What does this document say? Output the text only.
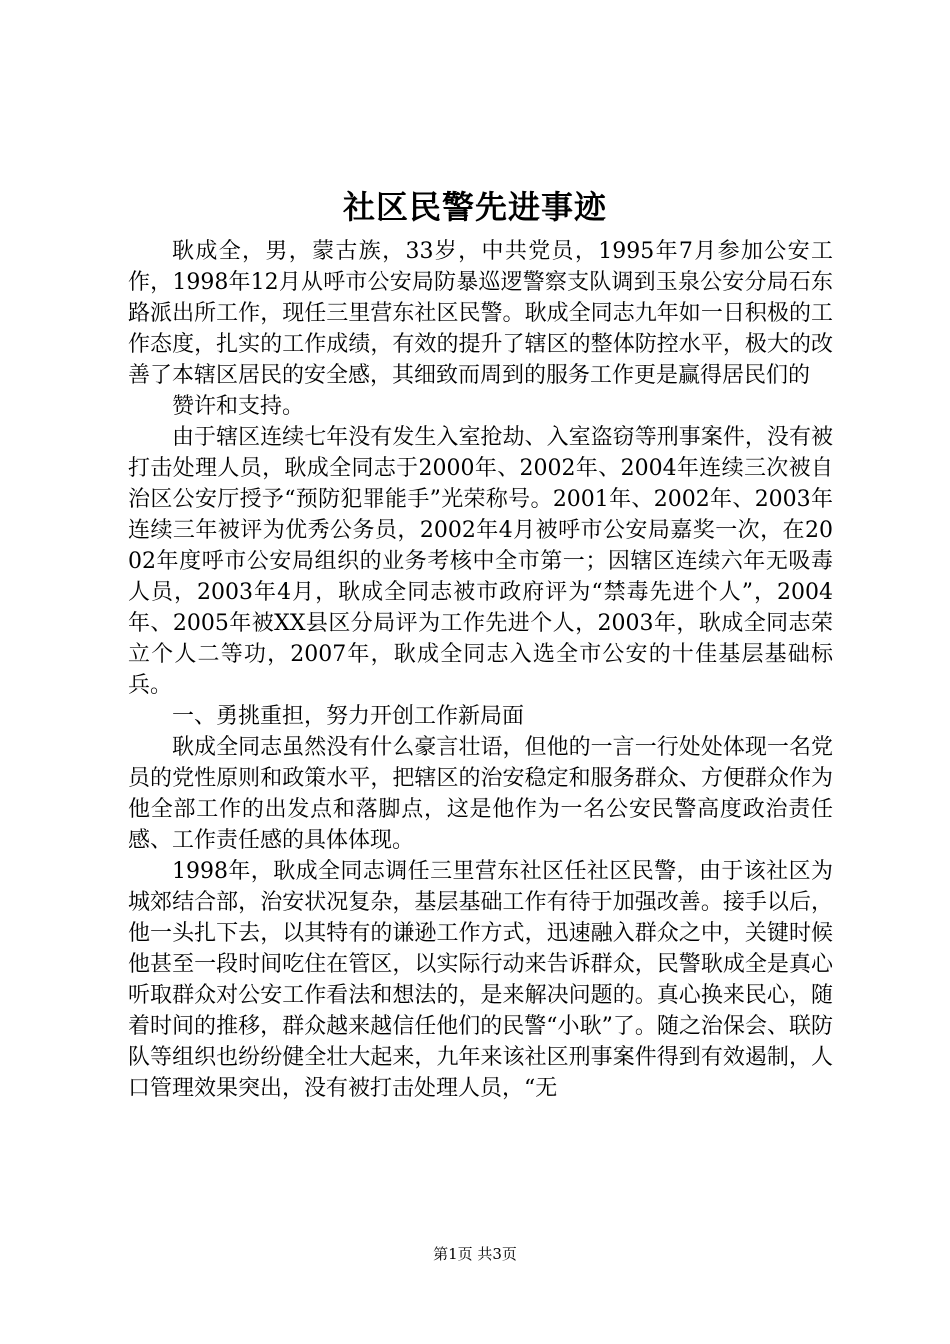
社区民警先进事迹

耿成全，男，蒙古族，33岁，中共党员，1995年7月参加公安工作，1998年12月从呼市公安局防暴巡逻警察支队调到玉泉公安分局石东路派出所工作，现任三里营东社区民警。耿成全同志九年如一日积极的工作态度，扎实的工作成绩，有效的提升了辖区的整体防控水平，极大的改善了本辖区居民的安全感，其细致而周到的服务工作更是赢得居民们的

赞许和支持。

由于辖区连续七年没有发生入室抢劫、入室盗窃等刑事案件，没有被打击处理人员，耿成全同志于2000年、2002年、2004年连续三次被自治区公安厅授予“预防犯罪能手”光荣称号。2001年、2002年、2003年连续三年被评为优秀公务员，2002年4月被呼市公安局嘉奖一次，在2002年度呼市公安局组织的业务考核中全市第一；因辖区连续六年无吸毒人员，2003年4月，耿成全同志被市政府评为“禁毒先进个人”，2004年、2005年被XX县区分局评为工作先进个人，2003年，耿成全同志荣立个人二等功，2007年，耿成全同志入选全市公安的十佳基层基础标兵。

一、勇挑重担，努力开创工作新局面

耿成全同志虽然没有什么豪言壮语，但他的一言一行处处体现一名党员的党性原则和政策水平，把辖区的治安稳定和服务群众、方便群众作为他全部工作的出发点和落脚点，这是他作为一名公安民警高度政治责任感、工作责任感的具体体现。

1998年，耿成全同志调任三里营东社区任社区民警，由于该社区为城郊结合部，治安状况复杂，基层基础工作有待于加强改善。接手以后，他一头扎下去，以其特有的谦逊工作方式，迅速融入群众之中，关键时候他甚至一段时间吃住在管区，以实际行动来告诉群众，民警耿成全是真心听取群众对公安工作看法和想法的，是来解决问题的。真心换来民心，随着时间的推移，群众越来越信任他们的民警“小耿”了。随之治保会、联防队等组织也纷纷健全壮大起来，九年来该社区刑事案件得到有效遏制，人口管理效果突出，没有被打击处理人员，“无

第1页 共3页
